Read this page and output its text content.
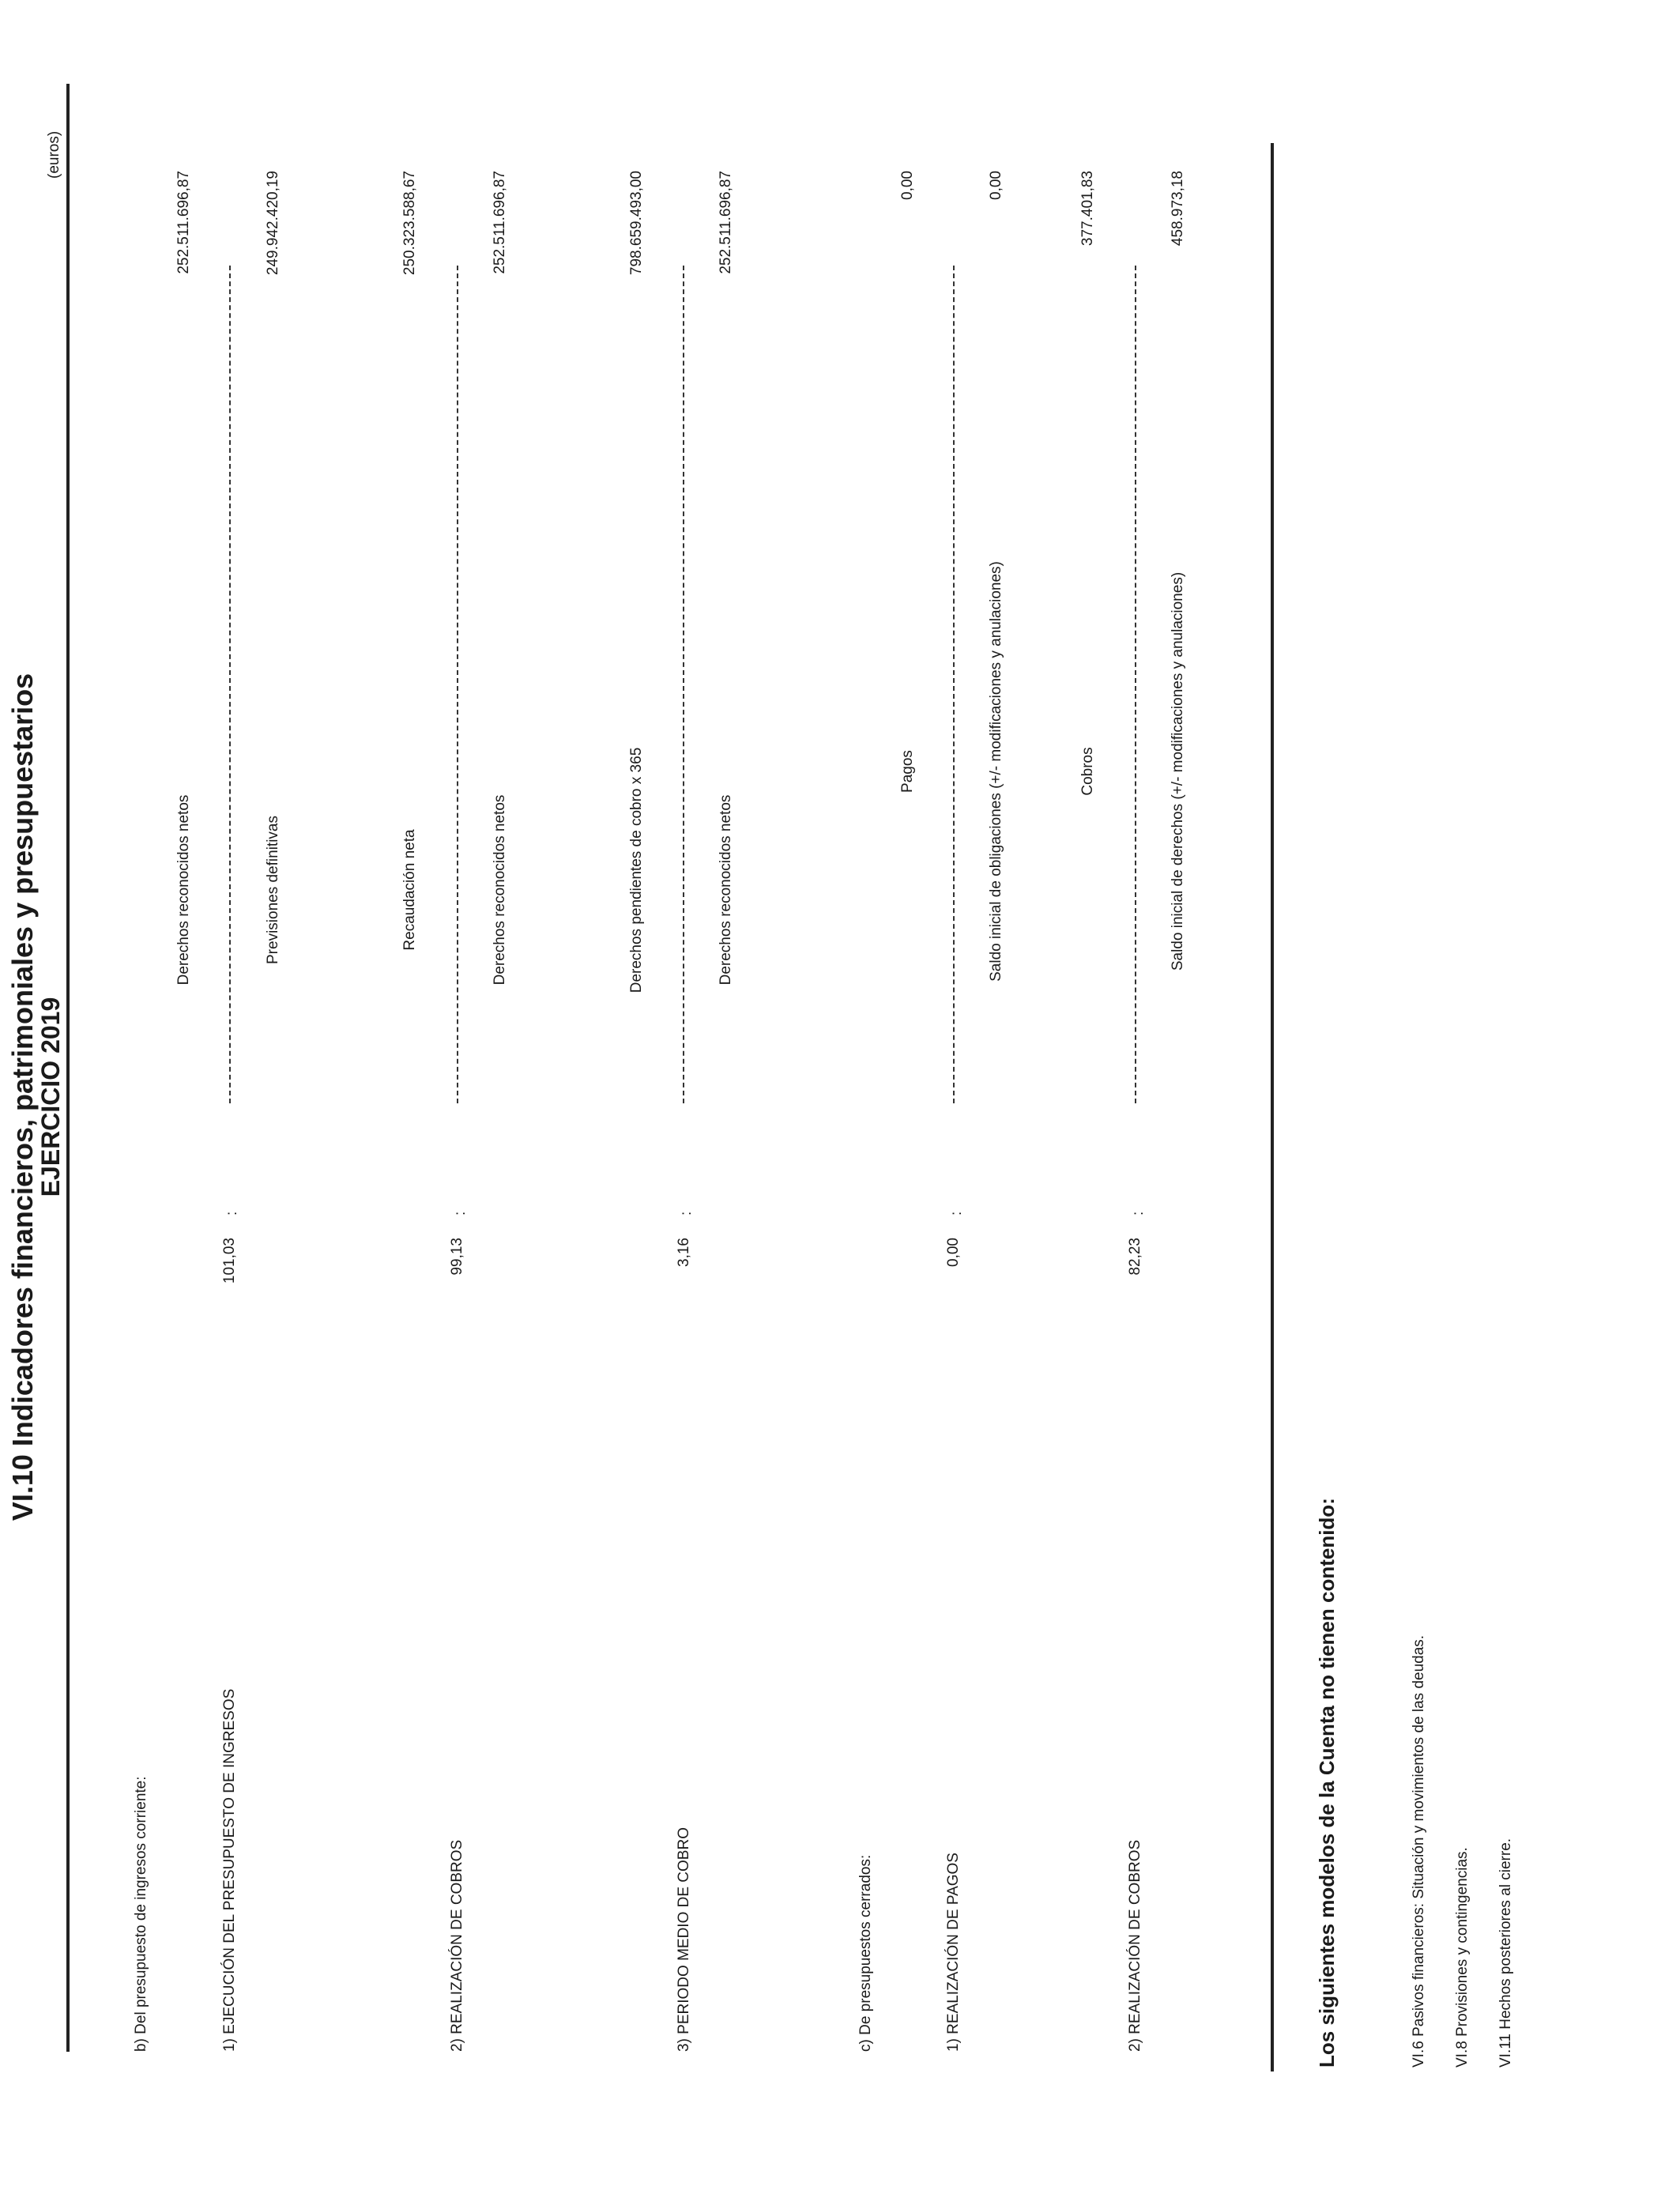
VI.10 Indicadores financieros, patrimoniales y presupuestarios
EJERCICIO 2019
(euros)
b) Del presupuesto de ingresos corriente:	1) EJECUCIÓN DEL PRESUPUESTO DE INGRESOS
101,03
:
Derechos reconocidos netos	Previsiones definitivas
252.511.696,87	249.942.420,19
2) REALIZACIÓN DE COBROS
99,13
:
Recaudación neta	Derechos reconocidos netos
250.323.588,67	252.511.696,87
3) PERIODO MEDIO DE COBRO
3,16
:
Derechos pendientes de cobro x 365	Derechos reconocidos netos
798.659.493,00	252.511.696,87
c) De presupuestos cerrados:	1) REALIZACIÓN DE PAGOS
0,00
:
Pagos	Saldo inicial de obligaciones (+/- modificaciones y anulaciones)
0,00	0,00
2) REALIZACIÓN DE COBROS
82,23
:
Cobros	Saldo inicial de derechos (+/- modificaciones y anulaciones)
377.401,83	458.973,18
Los siguientes modelos de la Cuenta no tienen contenido:	VI.6 Pasivos financieros: Situación y movimientos de las deudas. VI.8 Provisiones y contingencias. VI.11 Hechos posteriores al cierre.
